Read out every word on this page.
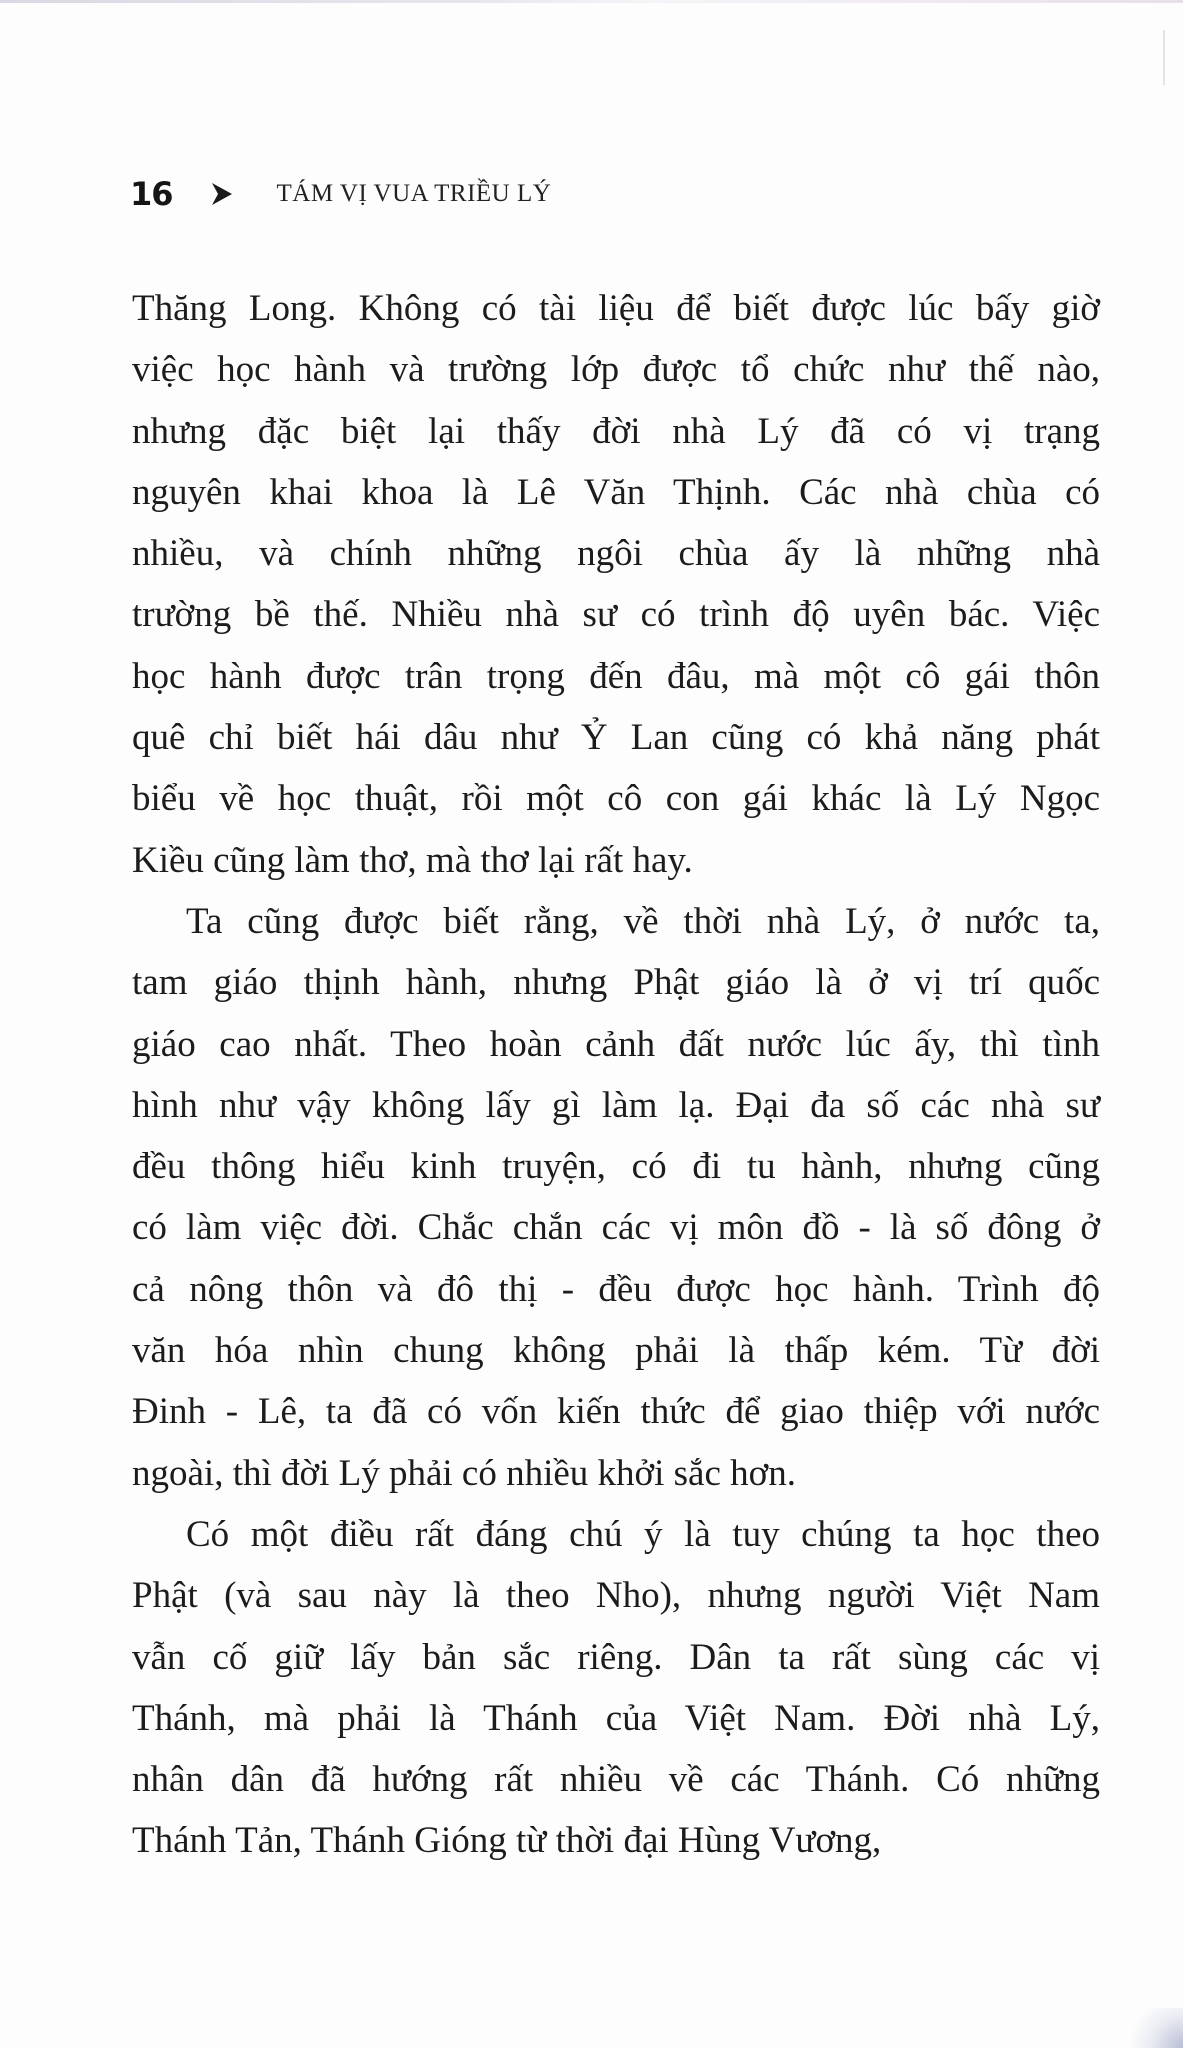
16	TÁM VỊ VUA TRIỀU LÝ
Thăng Long. Không có tài liệu để biết được lúc bấy giờ
việc học hành và trường lớp được tổ chức như thế nào,
nhưng đặc biệt lại thấy đời nhà Lý đã có vị trạng
nguyên khai khoa là Lê Văn Thịnh. Các nhà chùa có
nhiều, và chính những ngôi chùa ấy là những nhà
trường bề thế. Nhiều nhà sư có trình độ uyên bác. Việc
học hành được trân trọng đến đâu, mà một cô gái thôn
quê chỉ biết hái dâu như Ỷ Lan cũng có khả năng phát
biểu về học thuật, rồi một cô con gái khác là Lý Ngọc
Kiều cũng làm thơ, mà thơ lại rất hay.
Ta cũng được biết rằng, về thời nhà Lý, ở nước ta,
tam giáo thịnh hành, nhưng Phật giáo là ở vị trí quốc
giáo cao nhất. Theo hoàn cảnh đất nước lúc ấy, thì tình
hình như vậy không lấy gì làm lạ. Đại đa số các nhà sư
đều thông hiểu kinh truyện, có đi tu hành, nhưng cũng
có làm việc đời. Chắc chắn các vị môn đồ - là số đông ở
cả nông thôn và đô thị - đều được học hành. Trình độ
văn hóa nhìn chung không phải là thấp kém. Từ đời
Đinh - Lê, ta đã có vốn kiến thức để giao thiệp với nước
ngoài, thì đời Lý phải có nhiều khởi sắc hơn.
Có một điều rất đáng chú ý là tuy chúng ta học theo
Phật (và sau này là theo Nho), nhưng người Việt Nam
vẫn cố giữ lấy bản sắc riêng. Dân ta rất sùng các vị
Thánh, mà phải là Thánh của Việt Nam. Đời nhà Lý,
nhân dân đã hướng rất nhiều về các Thánh. Có những
Thánh Tản, Thánh Gióng từ thời đại Hùng Vương,
